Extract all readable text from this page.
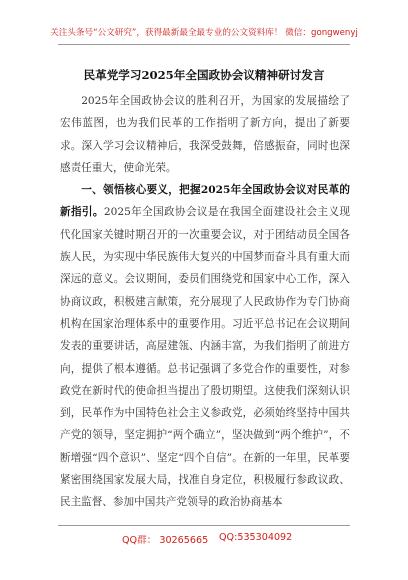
关注头条号“公文研究”，获得最新最全最专业的公文资料库！ 微信：gongwenyj
民革党学习2025年全国政协会议精神研讨发言

2025年全国政协会议的胜利召开，为国家的发展描绘了宏伟蓝图，也为我们民革的工作指明了新方向，提出了新要求。深入学习会议精神后，我深受鼓舞，倍感振奋，同时也深感责任重大，使命光荣。

一、领悟核心要义，把握2025年全国政协会议对民革的新指引。2025年全国政协会议是在我国全面建设社会主义现代化国家关键时期召开的一次重要会议，对于团结动员全国各族人民，为实现中华民族伟大复兴的中国梦而奋斗具有重大而深远的意义。会议期间，委员们围绕党和国家中心工作，深入协商议政，积极建言献策，充分展现了人民政协作为专门协商机构在国家治理体系中的重要作用。习近平总书记在会议期间发表的重要讲话，高屋建瓴、内涵丰富，为我们指明了前进方向，提供了根本遵循。总书记强调了多党合作的重要性，对参政党在新时代的使命担当提出了殷切期望。这使我们深刻认识到，民革作为中国特色社会主义参政党，必须始终坚持中国共产党的领导，坚定拥护“两个确立”，坚决做到“两个维护”，不断增强“四个意识”、坚定“四个自信”。在新的一年里，民革要紧密围绕国家发展大局，找准自身定位，积极履行参政议政、民主监督、参加中国共产党领导的政治协商基本

QQ群： 30265665 QQ:535304092
